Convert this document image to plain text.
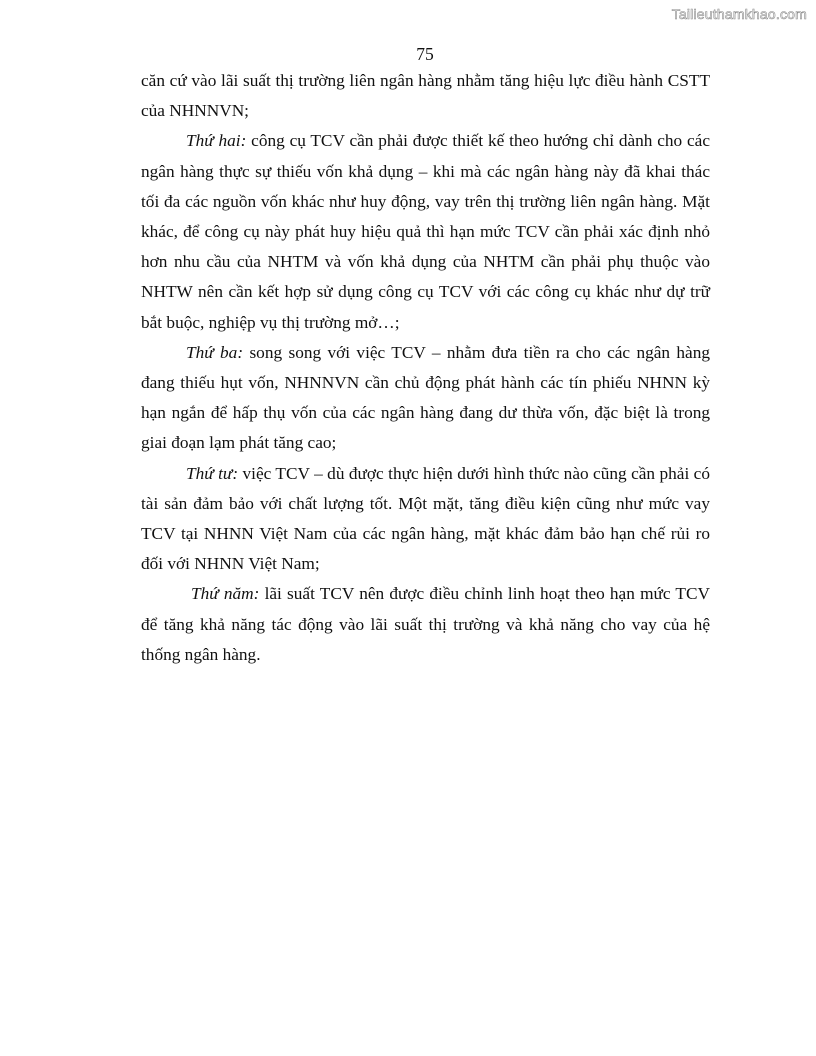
Tailieuthamkhao.com
75

căn cứ vào lãi suất thị trường liên ngân hàng nhằm tăng hiệu lực điều hành CSTT của NHNNVN;

Thứ hai: công cụ TCV cần phải được thiết kế theo hướng chỉ dành cho các ngân hàng thực sự thiếu vốn khả dụng – khi mà các ngân hàng này đã khai thác tối đa các nguồn vốn khác như huy động, vay trên thị trường liên ngân hàng. Mặt khác, để công cụ này phát huy hiệu quả thì hạn mức TCV cần phải xác định nhỏ hơn nhu cầu của NHTM và vốn khả dụng của NHTM cần phải phụ thuộc vào NHTW nên cần kết hợp sử dụng công cụ TCV với các công cụ khác như dự trữ bắt buộc, nghiệp vụ thị trường mở…;

Thứ ba: song song với việc TCV – nhằm đưa tiền ra cho các ngân hàng đang thiếu hụt vốn, NHNNVN cần chủ động phát hành các tín phiếu NHNN kỳ hạn ngắn để hấp thụ vốn của các ngân hàng đang dư thừa vốn, đặc biệt là trong giai đoạn lạm phát tăng cao;

Thứ tư: việc TCV – dù được thực hiện dưới hình thức nào cũng cần phải có tài sản đảm bảo với chất lượng tốt. Một mặt, tăng điều kiện cũng như mức vay TCV tại NHNN Việt Nam của các ngân hàng, mặt khác đảm bảo hạn chế rủi ro đối với NHNN Việt Nam;

Thứ năm: lãi suất TCV nên được điều chỉnh linh hoạt theo hạn mức TCV để tăng khả năng tác động vào lãi suất thị trường và khả năng cho vay của hệ thống ngân hàng.
